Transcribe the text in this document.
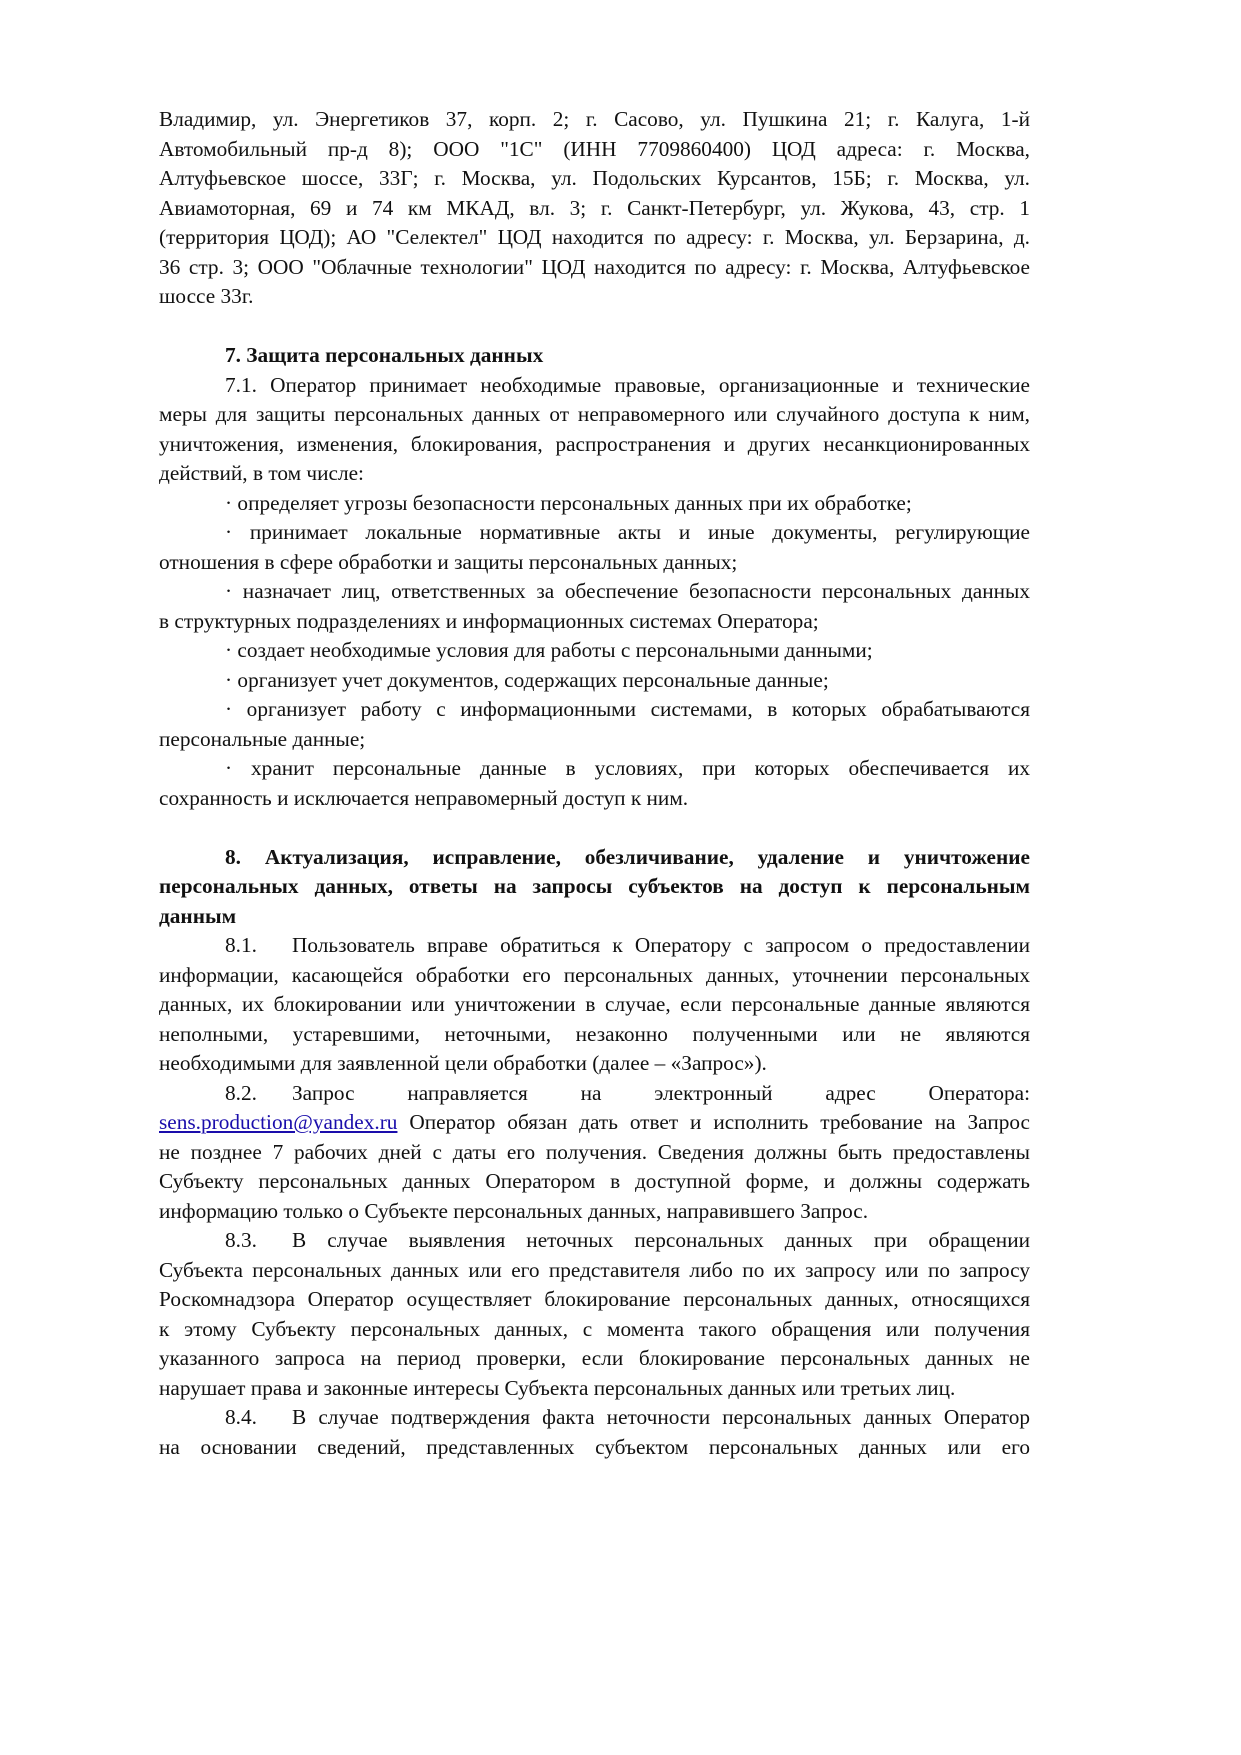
Владимир, ул. Энергетиков 37, корп. 2; г. Сасово, ул. Пушкина 21; г. Калуга, 1-й
Автомобильный пр-д 8); ООО "1С" (ИНН 7709860400) ЦОД адреса: г. Москва,
Алтуфьевское шоссе, 33Г; г. Москва, ул. Подольских Курсантов, 15Б; г. Москва, ул.
Авиамоторная, 69 и 74 км МКАД, вл. 3; г. Санкт-Петербург, ул. Жукова, 43, стр. 1
(территория ЦОД); АО "Селектел" ЦОД находится по адресу: г. Москва, ул. Берзарина, д.
36 стр. 3; ООО "Облачные технологии" ЦОД находится по адресу: г. Москва, Алтуфьевское
шоссе 33г.
7. Защита персональных данных
7.1. Оператор принимает необходимые правовые, организационные и технические
меры для защиты персональных данных от неправомерного или случайного доступа к ним,
уничтожения, изменения, блокирования, распространения и других несанкционированных
действий, в том числе:
· определяет угрозы безопасности персональных данных при их обработке;
· принимает локальные нормативные акты и иные документы, регулирующие
отношения в сфере обработки и защиты персональных данных;
· назначает лиц, ответственных за обеспечение безопасности персональных данных
в структурных подразделениях и информационных системах Оператора;
· создает необходимые условия для работы с персональными данными;
· организует учет документов, содержащих персональные данные;
· организует работу с информационными системами, в которых обрабатываются
персональные данные;
· хранит персональные данные в условиях, при которых обеспечивается их
сохранность и исключается неправомерный доступ к ним.
8. Актуализация, исправление, обезличивание, удаление и уничтожение
персональных данных, ответы на запросы субъектов на доступ к персональным
данным
8.1. Пользователь вправе обратиться к Оператору с запросом о предоставлении
информации, касающейся обработки его персональных данных, уточнении персональных
данных, их блокировании или уничтожении в случае, если персональные данные являются
неполными, устаревшими, неточными, незаконно полученными или не являются
необходимыми для заявленной цели обработки (далее – «Запрос»).
8.2. Запрос направляется на электронный адрес Оператора:
sens.production@yandex.ru Оператор обязан дать ответ и исполнить требование на Запрос
не позднее 7 рабочих дней с даты его получения. Сведения должны быть предоставлены
Субъекту персональных данных Оператором в доступной форме, и должны содержать
информацию только о Субъекте персональных данных, направившего Запрос.
8.3. В случае выявления неточных персональных данных при обращении
Субъекта персональных данных или его представителя либо по их запросу или по запросу
Роскомнадзора Оператор осуществляет блокирование персональных данных, относящихся
к этому Субъекту персональных данных, с момента такого обращения или получения
указанного запроса на период проверки, если блокирование персональных данных не
нарушает права и законные интересы Субъекта персональных данных или третьих лиц.
8.4. В случае подтверждения факта неточности персональных данных Оператор
на основании сведений, представленных субъектом персональных данных или его
